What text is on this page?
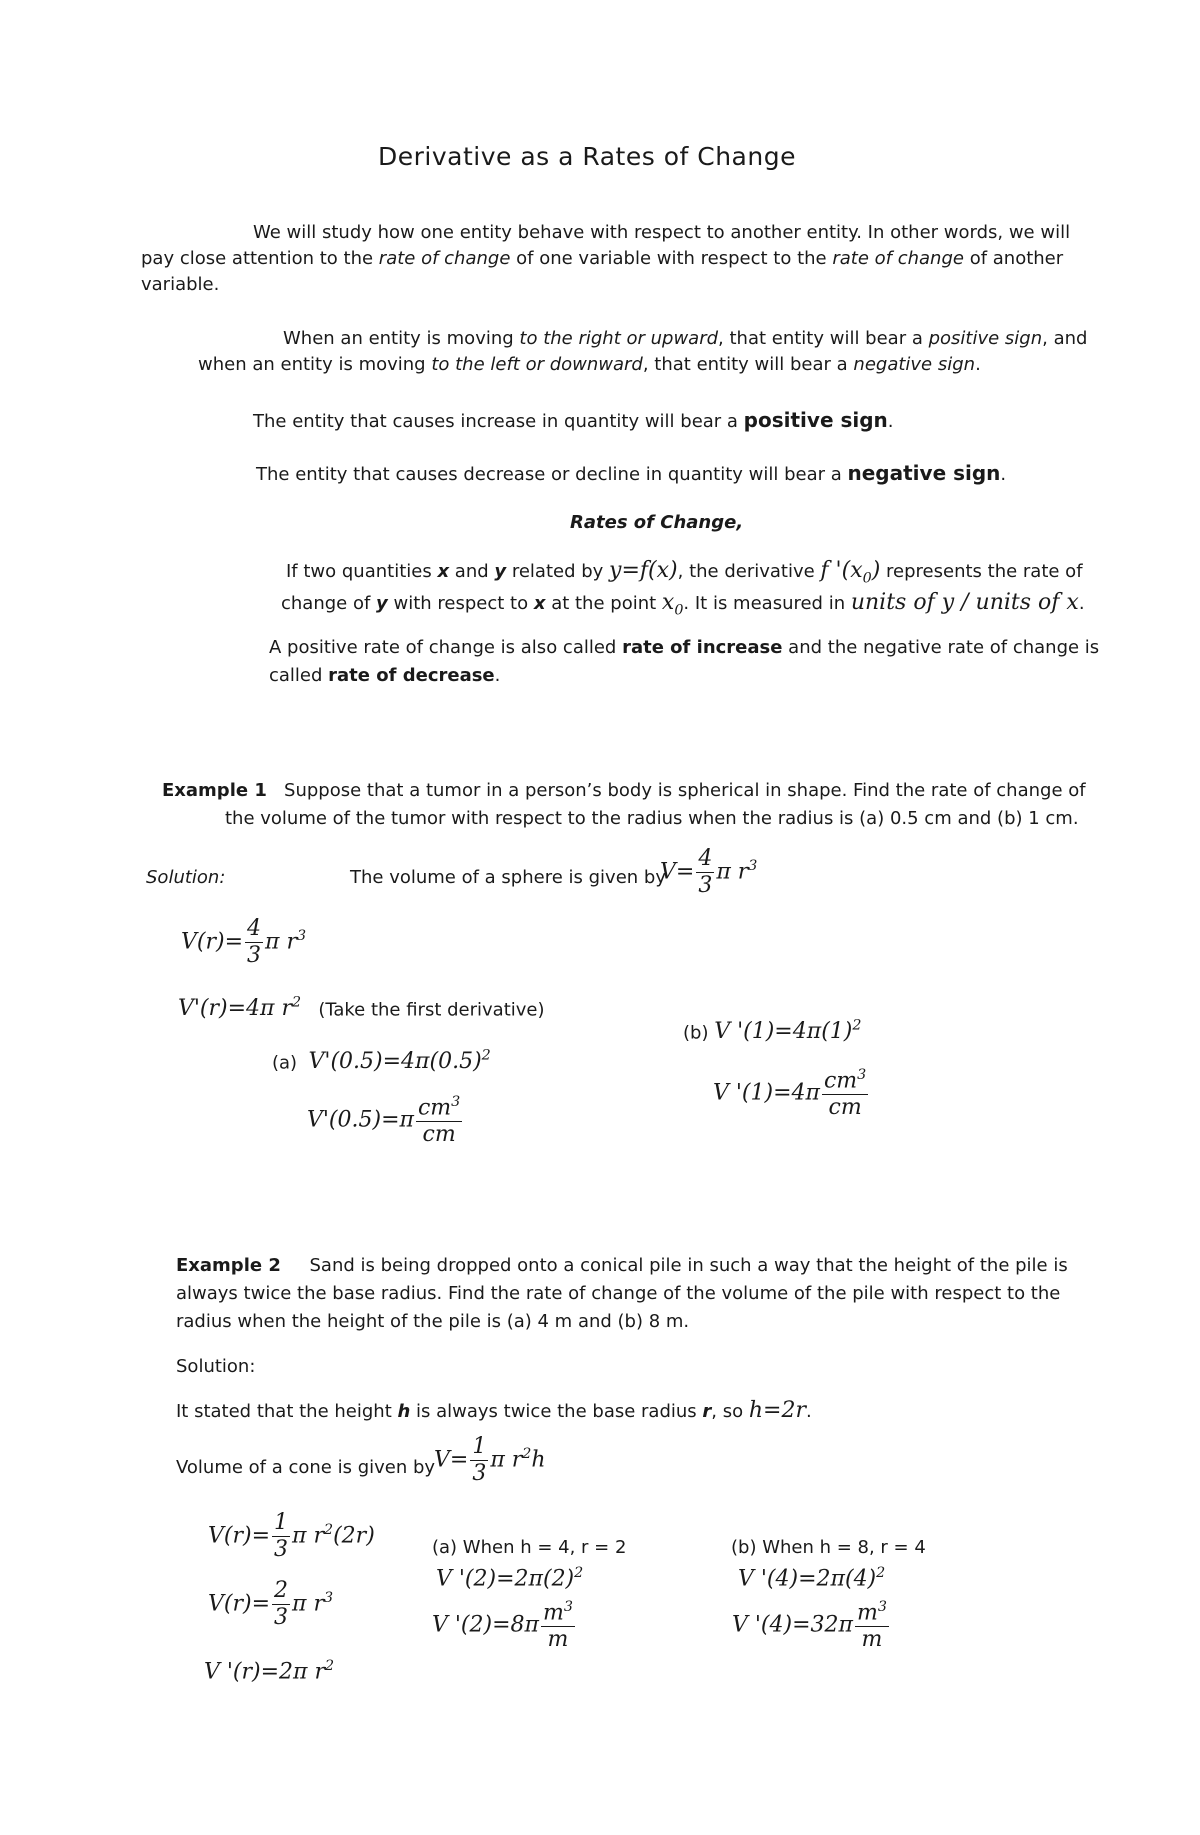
Derivative as a Rates of Change
We will study how one entity behave with respect to another entity. In other words, we will
pay close attention to the rate of change of one variable with respect to the rate of change of another
variable.
When an entity is moving to the right or upward, that entity will bear a positive sign, and
when an entity is moving to the left or downward, that entity will bear a negative sign.
The entity that causes increase in quantity will bear a positive sign.
The entity that causes decrease or decline in quantity will bear a negative sign.
Rates of Change,
If two quantities x and y related by y=f(x), the derivative f '$(x_0)$ represents the rate of
change of y with respect to x at the point $x_0$. It is measured in units of y / units of x.
A positive rate of change is also called rate of increase and the negative rate of change is
called rate of decrease.
Example 1 Suppose that a tumor in a person’s body is spherical in shape. Find the rate of change of
the volume of the tumor with respect to the radius when the radius is (a) 0.5 cm and (b) 1 cm.
Solution:	The volume of a sphere is given by
$V= \frac{4}{3}$ π $r^3$
$V(r)= \frac{4}{3}$ π $r^3$
V'(r)=4π $r^2$ (Take the first derivative)
(a) $V'(0.5)=4\pi(0.5)^2$
$V'(0.5)=\pi \frac{cm^3}{cm}$
(b) V '$(1)=4\pi(1)^2$
V '$(1)=4\pi \frac{cm^3}{cm}$
Example 2 Sand is being dropped onto a conical pile in such a way that the height of the pile is
always twice the base radius. Find the rate of change of the volume of the pile with respect to the
radius when the height of the pile is (a) 4 m and (b) 8 m.
Solution:
It stated that the height h is always twice the base radius r, so h=2r.
Volume of a cone is given by
$V= \frac{1}{3}$ π $r^2h$
$V(r)= \frac{1}{3}$ π $r^2(2r)$
$V(r)= \frac{2}{3}$ π $r^3$
V '(r)=2π $r^2$
(a) When h = 4, r = 2
V '$(2)=2\pi(2)^2$
V '$(2)=8\pi \frac{m^3}{m}$
(b) When h = 8, r = 4
V '$(4)=2\pi(4)^2$
V '$(4)=32\pi \frac{m^3}{m}$
